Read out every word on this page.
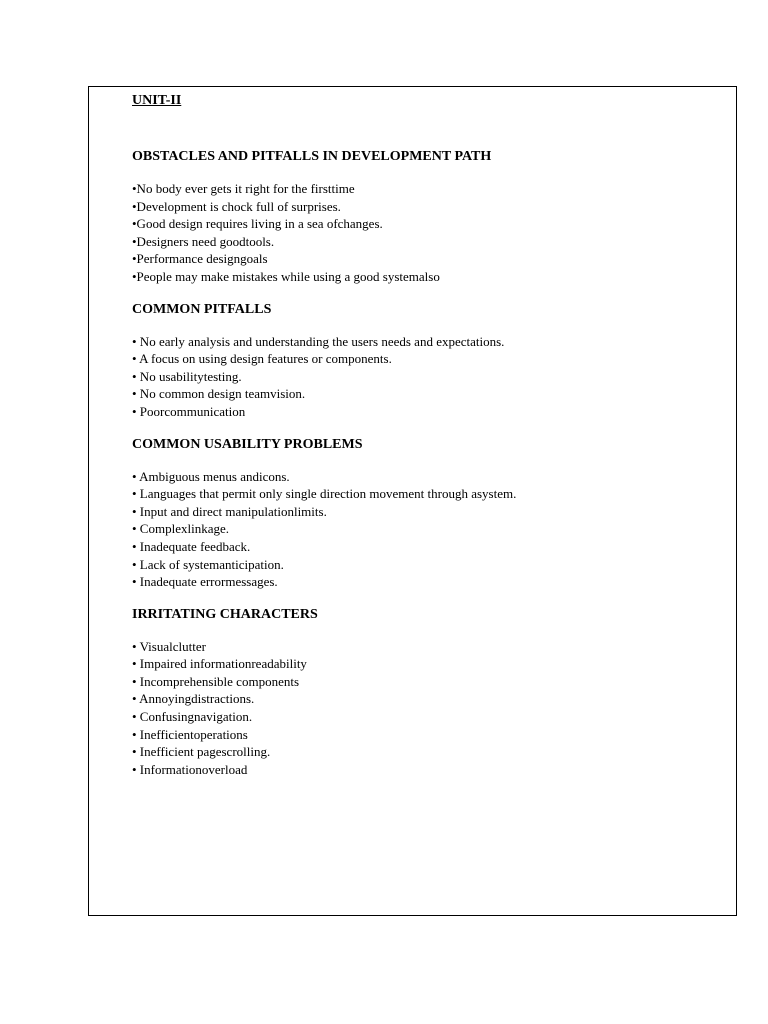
UNIT-II

OBSTACLES AND PITFALLS IN DEVELOPMENT PATH

•No body ever gets it right for the firsttime
•Development is chock full of surprises.
•Good design requires living in a sea ofchanges.
•Designers need goodtools.
•Performance designgoals
•People may make mistakes while using a good systemalso

COMMON PITFALLS

• No early analysis and understanding the users needs and expectations.
• A focus on using design features or components.
• No usabilitytesting.
• No common design teamvision.
• Poorcommunication

COMMON USABILITY PROBLEMS

• Ambiguous menus andicons.
• Languages that permit only single direction movement through asystem.
• Input and direct manipulationlimits.
• Complexlinkage.
• Inadequate feedback.
• Lack of systemanticipation.
• Inadequate errormessages.

IRRITATING CHARACTERS

• Visualclutter
• Impaired informationreadability
• Incomprehensible components
• Annoyingdistractions.
• Confusingnavigation.
• Inefficientoperations
• Inefficient pagescrolling.
• Informationoverload
